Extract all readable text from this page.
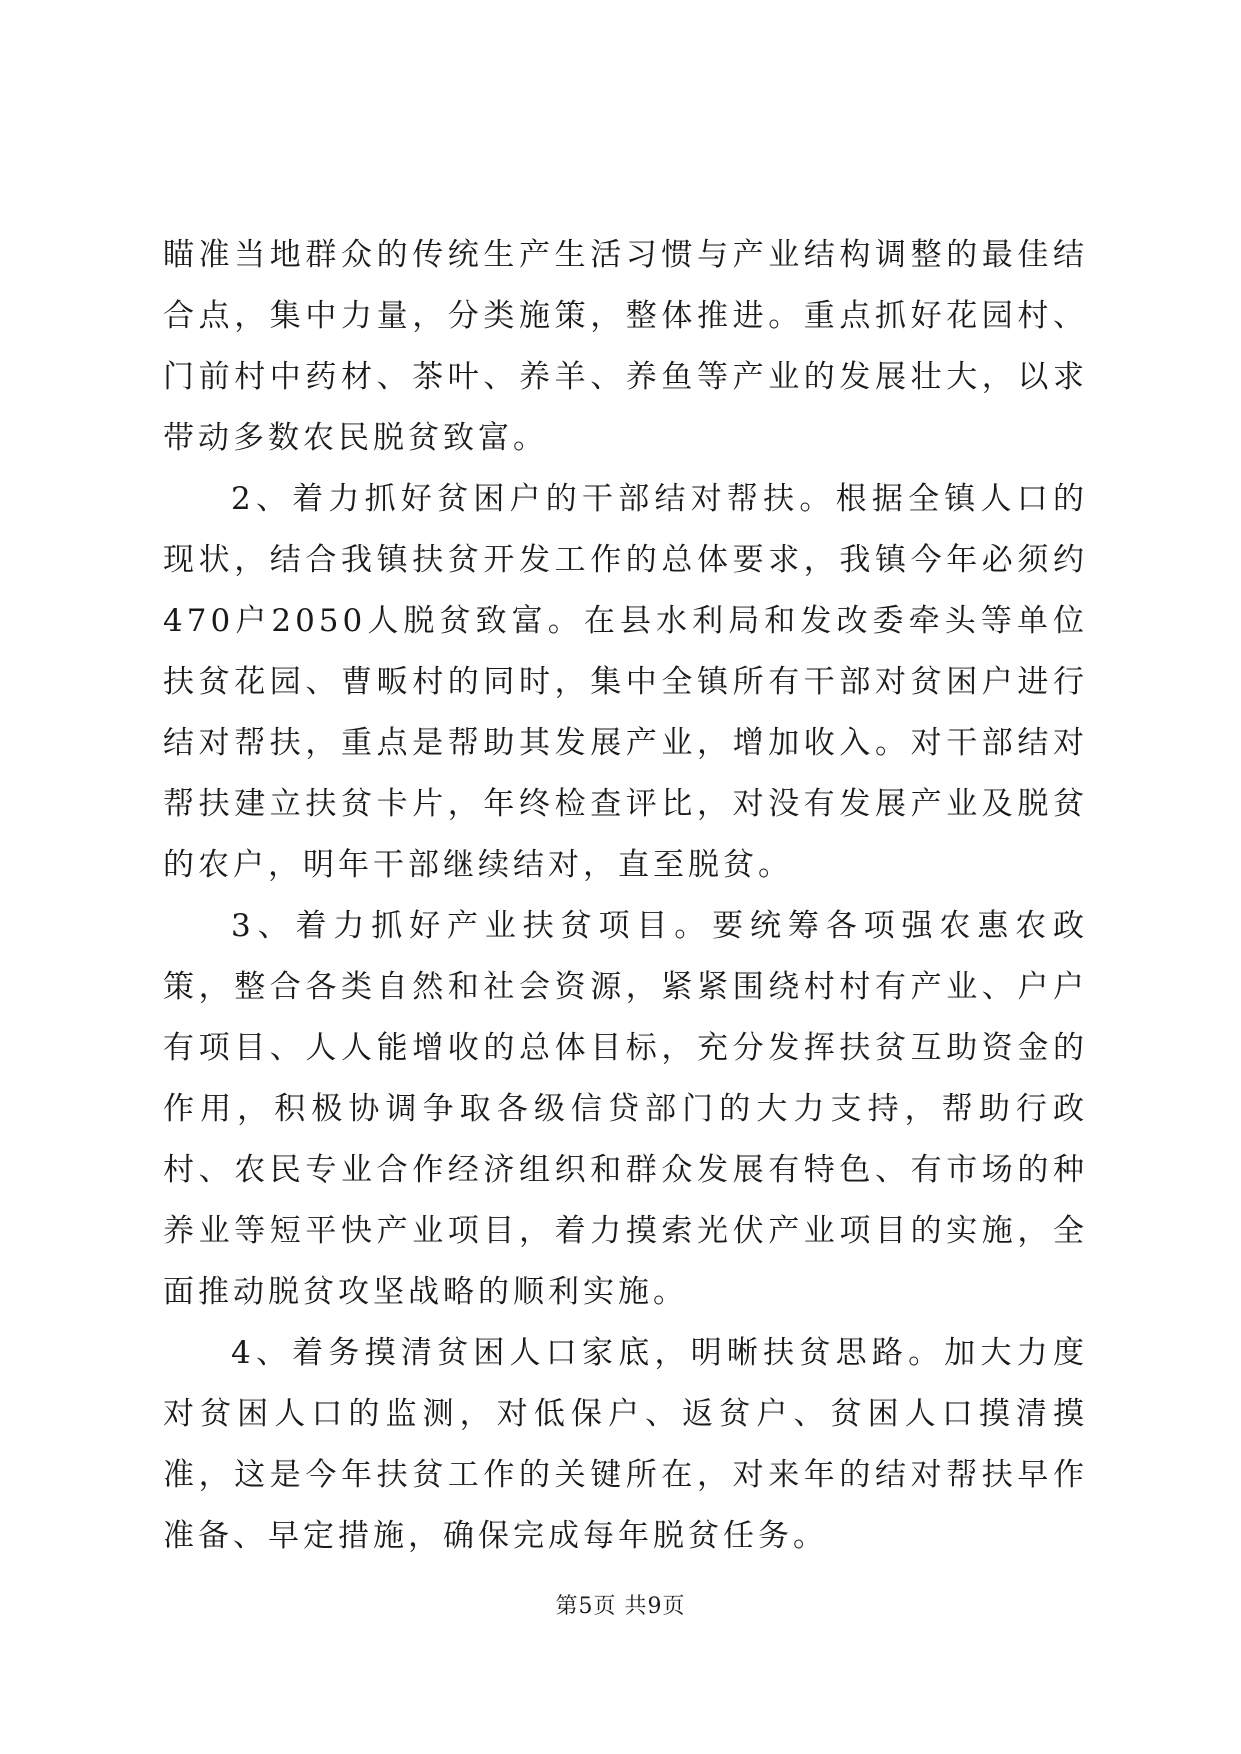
瞄准当地群众的传统生产生活习惯与产业结构调整的最佳结合点，集中力量，分类施策，整体推进。重点抓好花园村、门前村中药材、茶叶、养羊、养鱼等产业的发展壮大，以求带动多数农民脱贫致富。

2、着力抓好贫困户的干部结对帮扶。根据全镇人口的现状，结合我镇扶贫开发工作的总体要求，我镇今年必须约470户2050人脱贫致富。在县水利局和发改委牵头等单位扶贫花园、曹畈村的同时，集中全镇所有干部对贫困户进行结对帮扶，重点是帮助其发展产业，增加收入。对干部结对帮扶建立扶贫卡片，年终检查评比，对没有发展产业及脱贫的农户，明年干部继续结对，直至脱贫。

3、着力抓好产业扶贫项目。要统筹各项强农惠农政策，整合各类自然和社会资源，紧紧围绕村村有产业、户户有项目、人人能增收的总体目标，充分发挥扶贫互助资金的作用，积极协调争取各级信贷部门的大力支持，帮助行政村、农民专业合作经济组织和群众发展有特色、有市场的种养业等短平快产业项目，着力摸索光伏产业项目的实施，全面推动脱贫攻坚战略的顺利实施。

4、着务摸清贫困人口家底，明晰扶贫思路。加大力度对贫困人口的监测，对低保户、返贫户、贫困人口摸清摸准，这是今年扶贫工作的关键所在，对来年的结对帮扶早作准备、早定措施，确保完成每年脱贫任务。

第5页 共9页
